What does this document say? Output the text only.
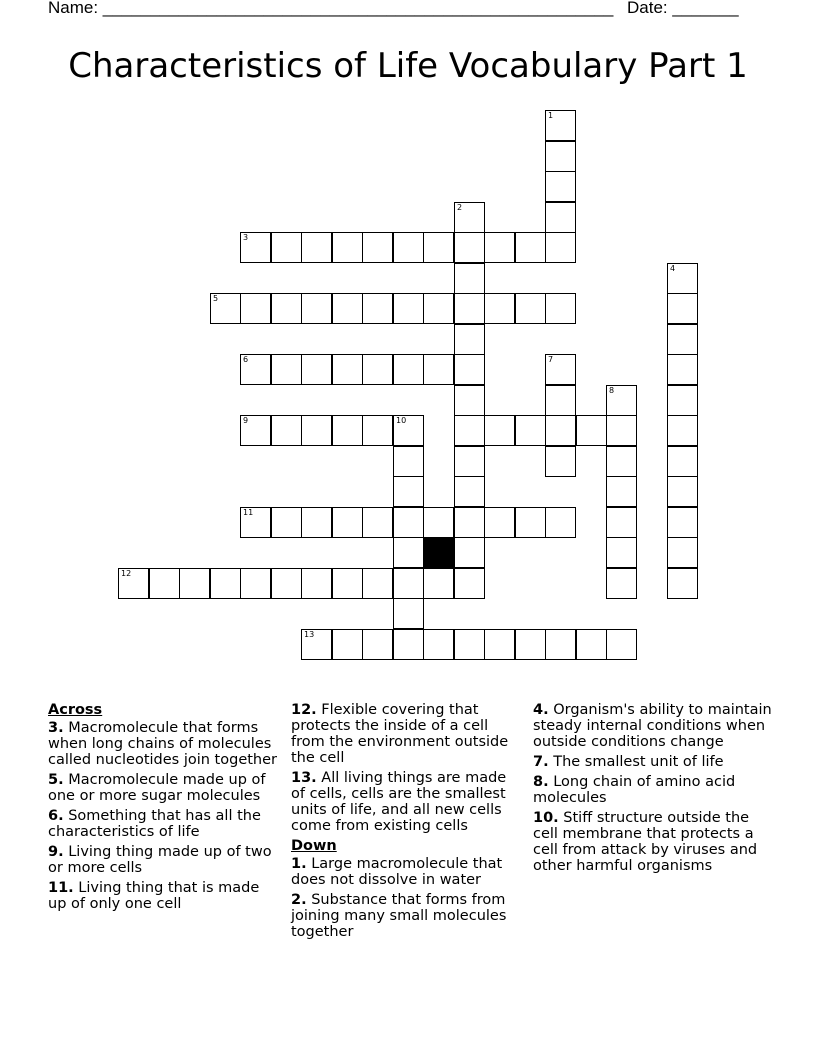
Name: ______________________________________________________ Date: _______
Characteristics of Life Vocabulary Part 1
1
2
3
4
5
6	7
8
9	10
11
12
13
Across
3. Macromolecule that forms when long chains of molecules called nucleotides join together
5. Macromolecule made up of one or more sugar molecules
6. Something that has all the characteristics of life
9. Living thing made up of two or more cells
11. Living thing that is made up of only one cell
12. Flexible covering that protects the inside of a cell from the environment outside the cell
13. All living things are made of cells, cells are the smallest units of life, and all new cells come from existing cells
Down
1. Large macromolecule that does not dissolve in water
2. Substance that forms from joining many small molecules together
4. Organism's ability to maintain steady internal conditions when outside conditions change
7. The smallest unit of life
8. Long chain of amino acid molecules
10. Stiff structure outside the cell membrane that protects a cell from attack by viruses and other harmful organisms
